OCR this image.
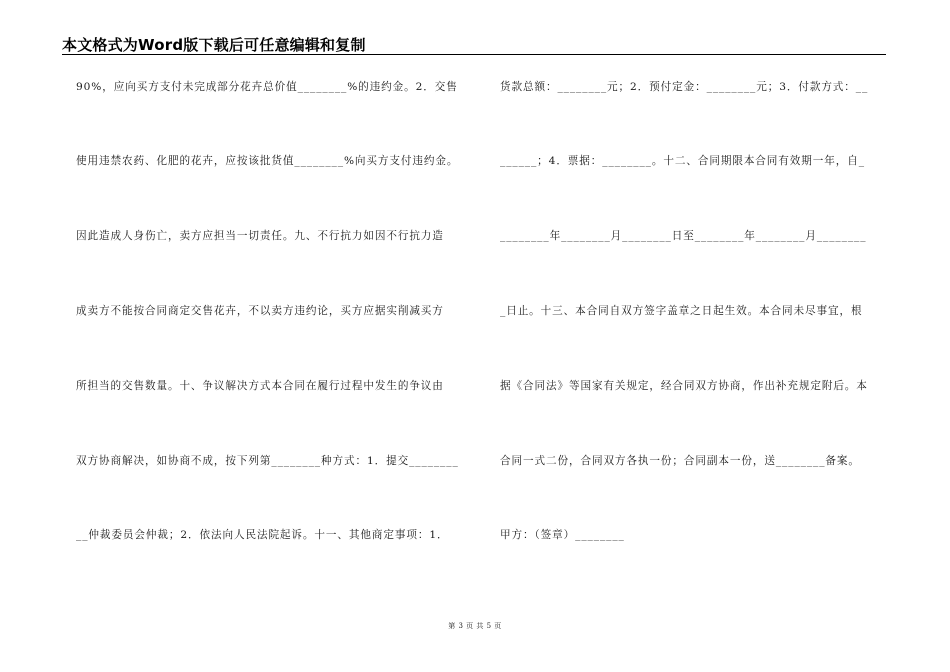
本文格式为Word版下载后可任意编辑和复制
90%，应向买方支付未完成部分花卉总价值________%的违约金。2．交售
使用违禁农药、化肥的花卉，应按该批货值________%向买方支付违约金。
因此造成人身伤亡，卖方应担当一切责任。九、不行抗力如因不行抗力造
成卖方不能按合同商定交售花卉，不以卖方违约论，买方应据实削减买方
所担当的交售数量。十、争议解决方式本合同在履行过程中发生的争议由
双方协商解决，如协商不成，按下列第________种方式：1．提交________
__仲裁委员会仲裁；2．依法向人民法院起诉。十一、其他商定事项：1．
货款总额：________元；2．预付定金：________元；3．付款方式：__
______；4．票据：________。十二、合同期限本合同有效期一年，自_
________年________月________日至________年________月________
_日止。十三、本合同自双方签字盖章之日起生效。本合同未尽事宜，根
据《合同法》等国家有关规定，经合同双方协商，作出补充规定附后。本
合同一式二份，合同双方各执一份；合同副本一份，送________备案。
甲方：（签章）________
第 3 页 共 5 页
